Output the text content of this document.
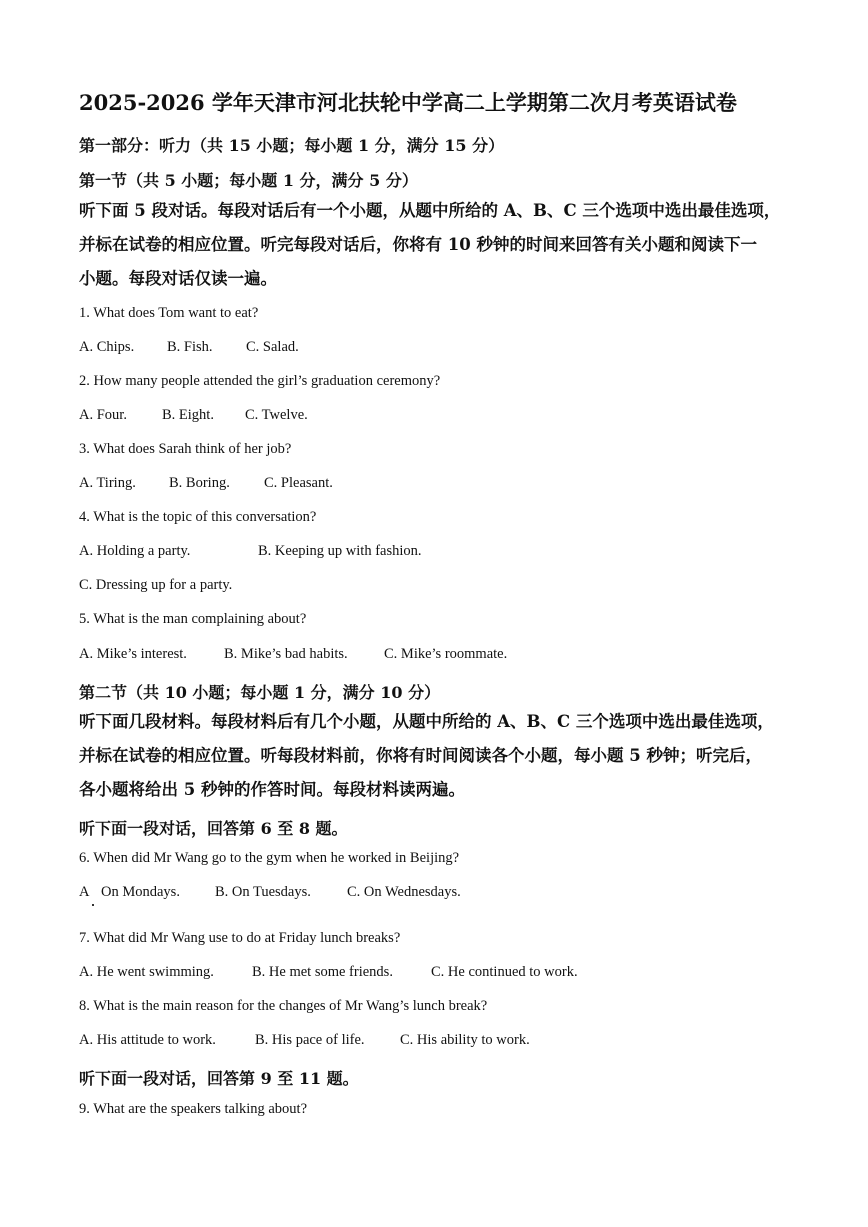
2025-2026 学年天津市河北扶轮中学高二上学期第二次月考英语试卷
第一部分：听力（共 15 小题；每小题 1 分，满分 15 分）
第一节（共 5 小题；每小题 1 分，满分 5 分）
听下面 5 段对话。每段对话后有一个小题，从题中所给的 A、B、C 三个选项中选出最佳选项，
并标在试卷的相应位置。听完每段对话后，你将有 10 秒钟的时间来回答有关小题和阅读下一
小题。每段对话仅读一遍。
1. What does Tom want to eat?
A. Chips. B. Fish. C. Salad.
2. How many people attended the girl’s graduation ceremony?
A. Four. B. Eight. C. Twelve.
3. What does Sarah think of her job?
A. Tiring. B. Boring. C. Pleasant.
4. What is the topic of this conversation?
A. Holding a party.	B. Keeping up with fashion.
C. Dressing up for a party.
5. What is the man complaining about?
A. Mike’s interest.	B. Mike’s bad habits.	C. Mike’s roommate.
第二节（共 10 小题；每小题 1 分，满分 10 分）
听下面几段材料。每段材料后有几个小题，从题中所给的 A、B、C 三个选项中选出最佳选项，
并标在试卷的相应位置。听每段材料前，你将有时间阅读各个小题，每小题 5 秒钟；听完后，
各小题将给出 5 秒钟的作答时间。每段材料读两遍。
听下面一段对话，回答第 6 至 8 题。
6. When did Mr Wang go to the gym when he worked in Beijing?
A On Mondays. B. On Tuesdays. C. On Wednesdays.
7. What did Mr Wang use to do at Friday lunch breaks?
A. He went swimming.	B. He met some friends.	C. He continued to work.
8. What is the main reason for the changes of Mr Wang’s lunch break?
A. His attitude to work.	B. His pace of life. C. His ability to work.
听下面一段对话，回答第 9 至 11 题。
9. What are the speakers talking about?
